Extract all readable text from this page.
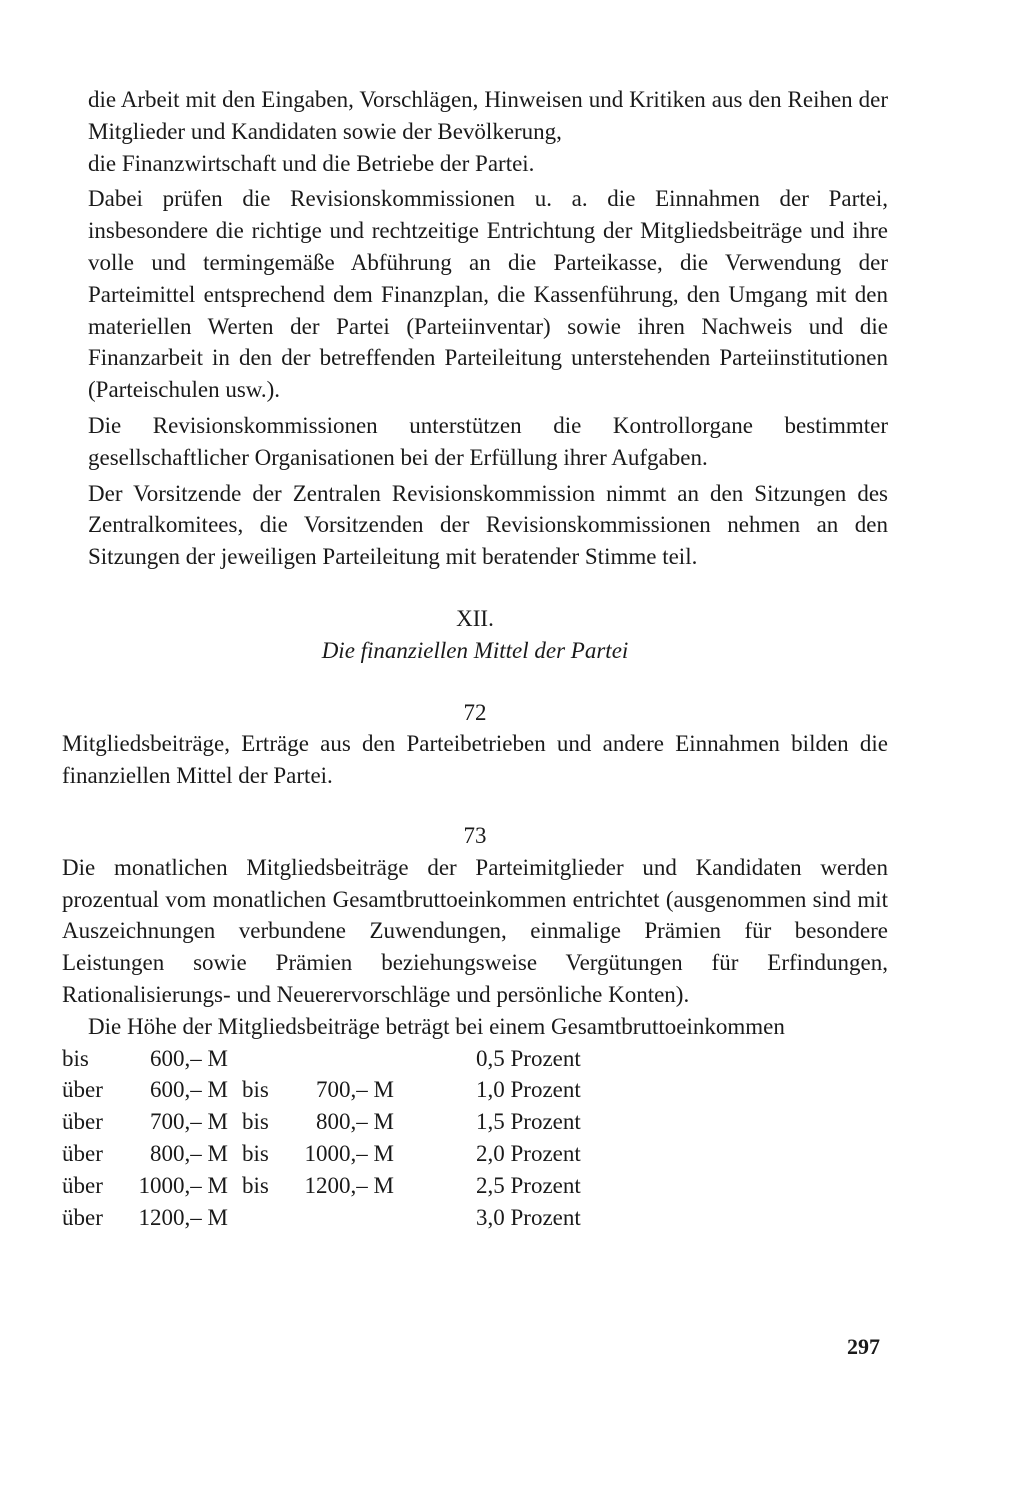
die Arbeit mit den Eingaben, Vorschlägen, Hinweisen und Kritiken aus den Reihen der Mitglieder und Kandidaten sowie der Bevölkerung,

die Finanzwirtschaft und die Betriebe der Partei.

Dabei prüfen die Revisionskommissionen u. a. die Einnahmen der Partei, insbesondere die richtige und rechtzeitige Entrichtung der Mitgliedsbeiträge und ihre volle und termingemäße Abführung an die Parteikasse, die Verwendung der Parteimittel entsprechend dem Finanzplan, die Kassenführung, den Umgang mit den materiellen Werten der Partei (Parteiinventar) sowie ihren Nachweis und die Finanzarbeit in den der betreffenden Parteileitung unterstehenden Parteiinstitutionen (Parteischulen usw.).

Die Revisionskommissionen unterstützen die Kontrollorgane bestimmter gesellschaftlicher Organisationen bei der Erfüllung ihrer Aufgaben.

Der Vorsitzende der Zentralen Revisionskommission nimmt an den Sitzungen des Zentralkomitees, die Vorsitzenden der Revisionskommissionen nehmen an den Sitzungen der jeweiligen Parteileitung mit beratender Stimme teil.

XII.
Die finanziellen Mittel der Partei
72

Mitgliedsbeiträge, Erträge aus den Parteibetrieben und andere Einnahmen bilden die finanziellen Mittel der Partei.

73

Die monatlichen Mitgliedsbeiträge der Parteimitglieder und Kandidaten werden prozentual vom monatlichen Gesamtbruttoeinkommen entrichtet (ausgenommen sind mit Auszeichnungen verbundene Zuwendungen, einmalige Prämien für besondere Leistungen sowie Prämien beziehungsweise Vergütungen für Erfindungen, Rationalisierungs- und Neuerervorschläge und persönliche Konten).

Die Höhe der Mitgliedsbeiträge beträgt bei einem Gesamtbruttoeinkommen

bis	600,– M				0,5 Prozent
über	600,– M	bis	700,– M		1,0 Prozent
über	700,– M	bis	800,– M		1,5 Prozent
über	800,– M	bis	1000,– M		2,0 Prozent
über	1000,– M	bis	1200,– M		2,5 Prozent
über	1200,– M				3,0 Prozent
297
